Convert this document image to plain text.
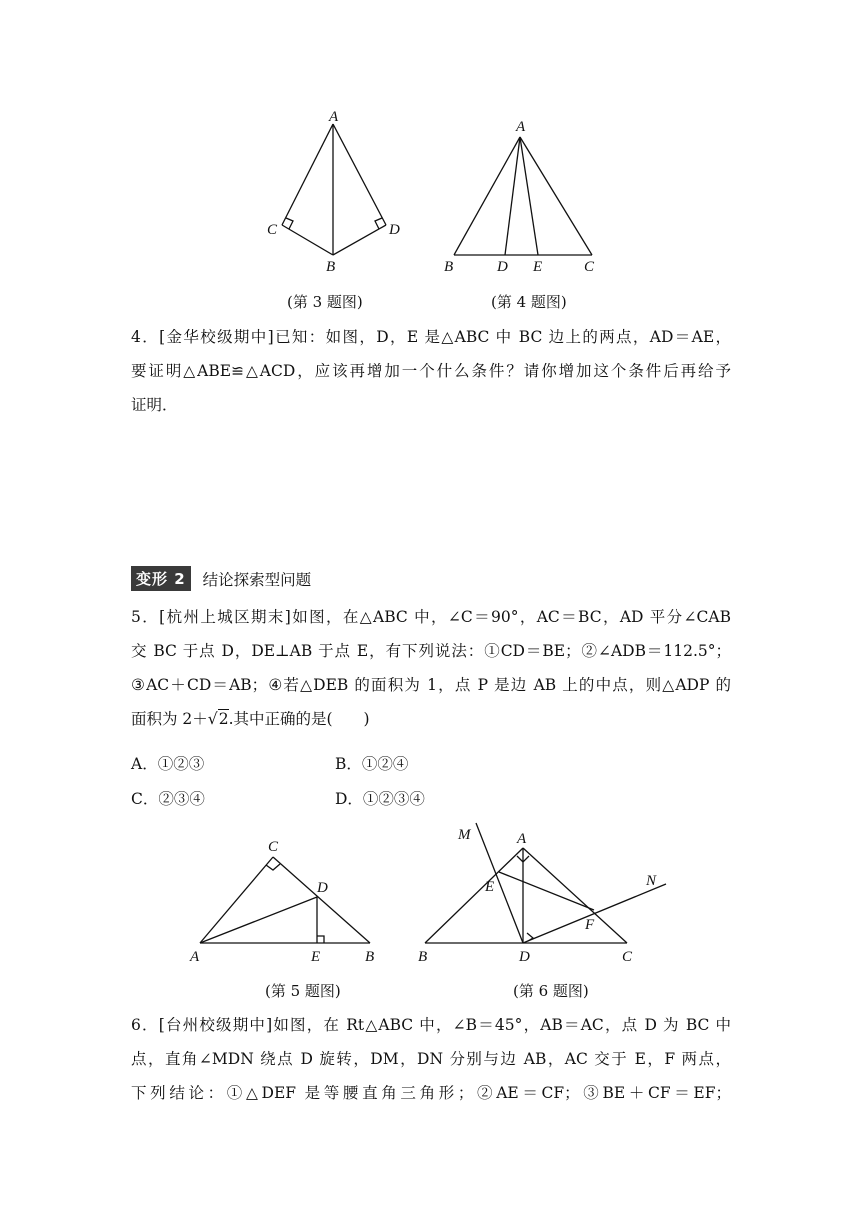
A
B
C	D
A
B	D E	C
(第 3 题图)	(第 4 题图)

4．[金华校级期中]已知：如图，D，E 是△ABC 中 BC 边上的两点，AD＝AE，

要证明△ABE≌△ACD，应该再增加一个什么条件？请你增加这个条件后再给予

证明．

变形 2	结论探索型问题

5．[杭州上城区期末]如图，在△ABC 中，∠C＝90°，AC＝BC，AD 平分∠CAB

交 BC 于点 D，DE⊥AB 于点 E，有下列说法：①CD＝BE；②∠ADB＝112.5°；

③AC＋CD＝AB；④若△DEB 的面积为 1，点 P 是边 AB 上的中点，则△ADP 的

面积为 2＋√2.其中正确的是(　　)

A．①②③	B．①②④
C．②③④	D．①②③④
C
D
A	E	B
M	A
N
E
F
B	D	C
(第 5 题图)	(第 6 题图)

6．[台州校级期中]如图，在 Rt△ABC 中，∠B＝45°，AB＝AC，点 D 为 BC 中

点，直角∠MDN 绕点 D 旋转，DM，DN 分别与边 AB，AC 交于 E，F 两点，

下列结论：①△DEF 是等腰直角三角形；②AE＝CF；③BE＋CF＝EF；
